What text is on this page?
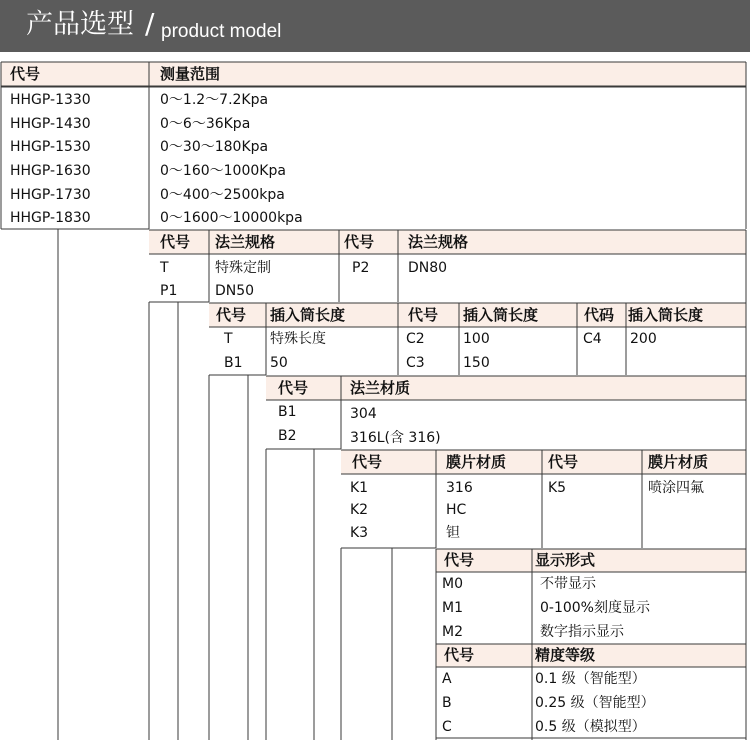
产品选型 / product model
代号	测量范围
HHGP-1330	0～1.2～7.2Kpa
HHGP-1430	0～6～36Kpa
HHGP-1530	0～30～180Kpa
HHGP-1630	0～160～1000Kpa
HHGP-1730	0～400～2500kpa
HHGP-1830	0～1600～10000kpa
代号 法兰规格	代号 法兰规格
T	特殊定制	P2	DN80
P1	DN50
代号 插入筒长度	代号 插入筒长度	代码 插入筒长度
T	特殊长度	C2	100	C4 200
B1 50	C3	150
代号	法兰材质
B1	304
B2	316L(含 316)
代号	膜片材质	代号	膜片材质
K1	316	K5	喷涂四氟
K2	HC
K3	钽
代号	显示形式
M0	不带显示
M1	0-100%刻度显示
M2	数字指示显示
代号	精度等级
A	0.1 级（智能型）
B	0.25 级（智能型）
C	0.5 级（模拟型）
